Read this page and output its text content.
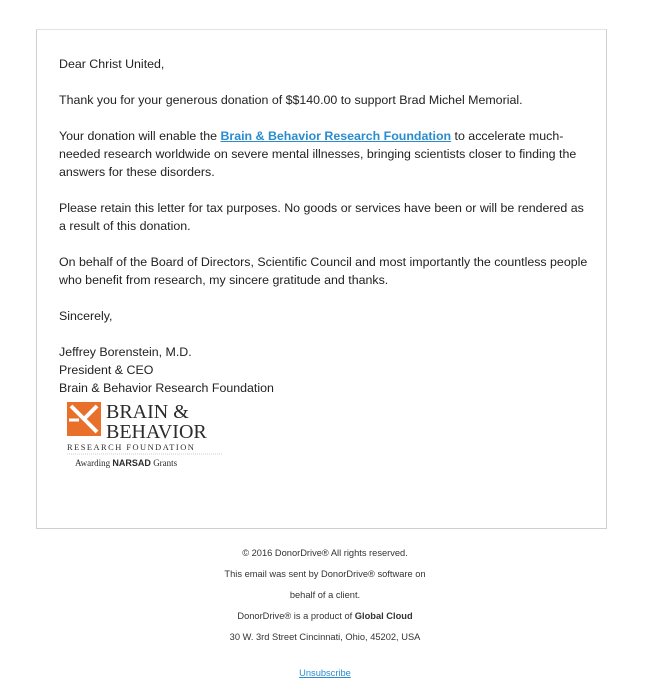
Dear Christ United,

Thank you for your generous donation of $$140.00 to support Brad Michel Memorial.

Your donation will enable the Brain & Behavior Research Foundation to accelerate much-needed research worldwide on severe mental illnesses, bringing scientists closer to finding the answers for these disorders.

Please retain this letter for tax purposes. No goods or services have been or will be rendered as a result of this donation.

On behalf of the Board of Directors, Scientific Council and most importantly the countless people who benefit from research, my sincere gratitude and thanks.

Sincerely,

Jeffrey Borenstein, M.D.
President & CEO
Brain & Behavior Research Foundation
BRAIN &
BEHAVIOR
RESEARCH FOUNDATION
Awarding NARSAD Grants
© 2016 DonorDrive® All rights reserved.
This email was sent by DonorDrive® software on
behalf of a client.
DonorDrive® is a product of Global Cloud
30 W. 3rd Street Cincinnati, Ohio, 45202, USA
Unsubscribe
